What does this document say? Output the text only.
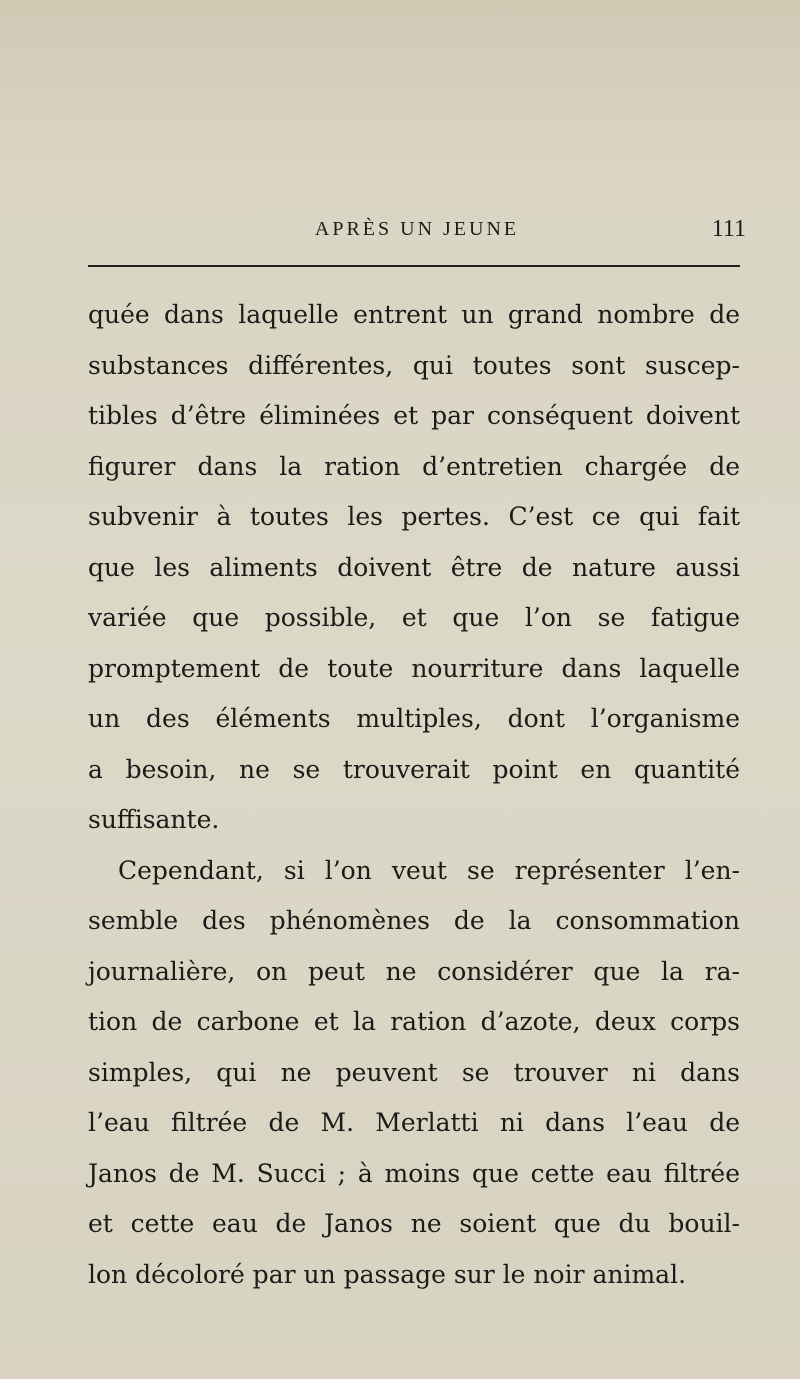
APRÈS UN JEUNE	111
quée dans laquelle entrent un grand nombre de
substances différentes, qui toutes sont suscep-
tibles d’être éliminées et par conséquent doivent
figurer dans la ration d’entretien chargée de
subvenir à toutes les pertes. C’est ce qui fait
que les aliments doivent être de nature aussi
variée que possible, et que l’on se fatigue
promptement de toute nourriture dans laquelle
un des éléments multiples, dont l’organisme
a besoin, ne se trouverait point en quantité
suffisante.
Cependant, si l’on veut se représenter l’en-
semble des phénomènes de la consommation
journalière, on peut ne considérer que la ra-
tion de carbone et la ration d’azote, deux corps
simples, qui ne peuvent se trouver ni dans
l’eau filtrée de M. Merlatti ni dans l’eau de
Janos de M. Succi ; à moins que cette eau filtrée
et cette eau de Janos ne soient que du bouil-
lon décoloré par un passage sur le noir animal.
